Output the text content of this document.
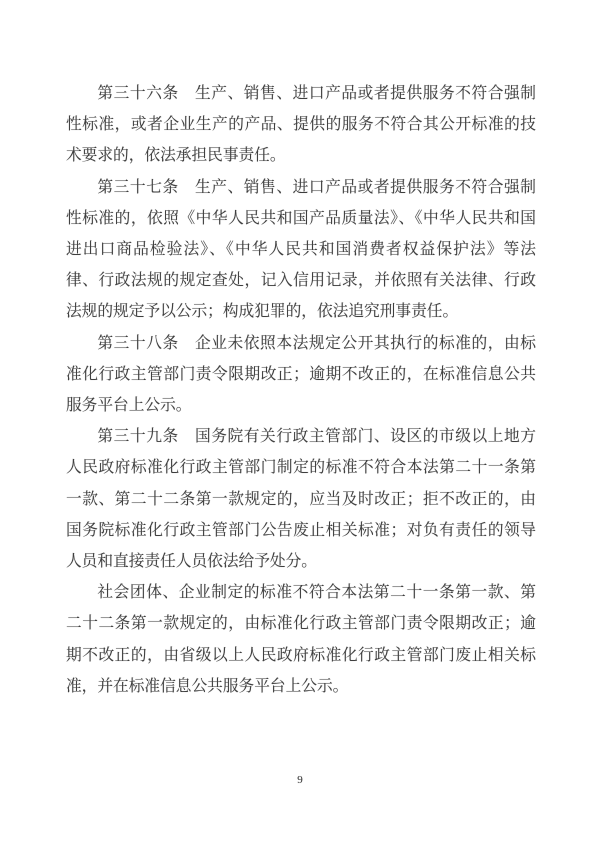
第三十六条　生产、销售、进口产品或者提供服务不符合强制性标准，或者企业生产的产品、提供的服务不符合其公开标准的技术要求的，依法承担民事责任。

第三十七条　生产、销售、进口产品或者提供服务不符合强制性标准的，依照《中华人民共和国产品质量法》、《中华人民共和国进出口商品检验法》、《中华人民共和国消费者权益保护法》等法律、行政法规的规定查处，记入信用记录，并依照有关法律、行政法规的规定予以公示；构成犯罪的，依法追究刑事责任。

第三十八条　企业未依照本法规定公开其执行的标准的，由标准化行政主管部门责令限期改正；逾期不改正的，在标准信息公共服务平台上公示。

第三十九条　国务院有关行政主管部门、设区的市级以上地方人民政府标准化行政主管部门制定的标准不符合本法第二十一条第一款、第二十二条第一款规定的，应当及时改正；拒不改正的，由国务院标准化行政主管部门公告废止相关标准；对负有责任的领导人员和直接责任人员依法给予处分。

社会团体、企业制定的标准不符合本法第二十一条第一款、第二十二条第一款规定的，由标准化行政主管部门责令限期改正；逾期不改正的，由省级以上人民政府标准化行政主管部门废止相关标准，并在标准信息公共服务平台上公示。

9
